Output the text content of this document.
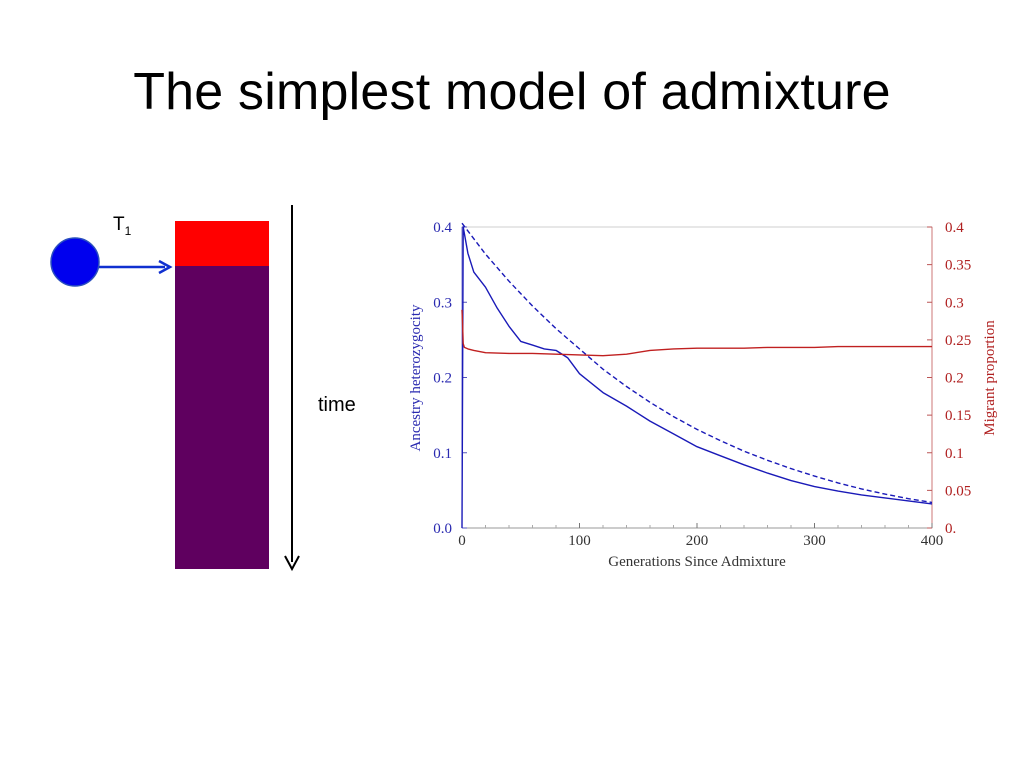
The simplest model of admixture
$T_1$
time
0	100	200	300	400
0.0
0.1
0.2
0.3
0.4
0.
0.05
0.1
0.15
0.2
0.25
0.3
0.35
0.4
Generations Since Admixture
Ancestry heterozygocity	Migrant proportion
